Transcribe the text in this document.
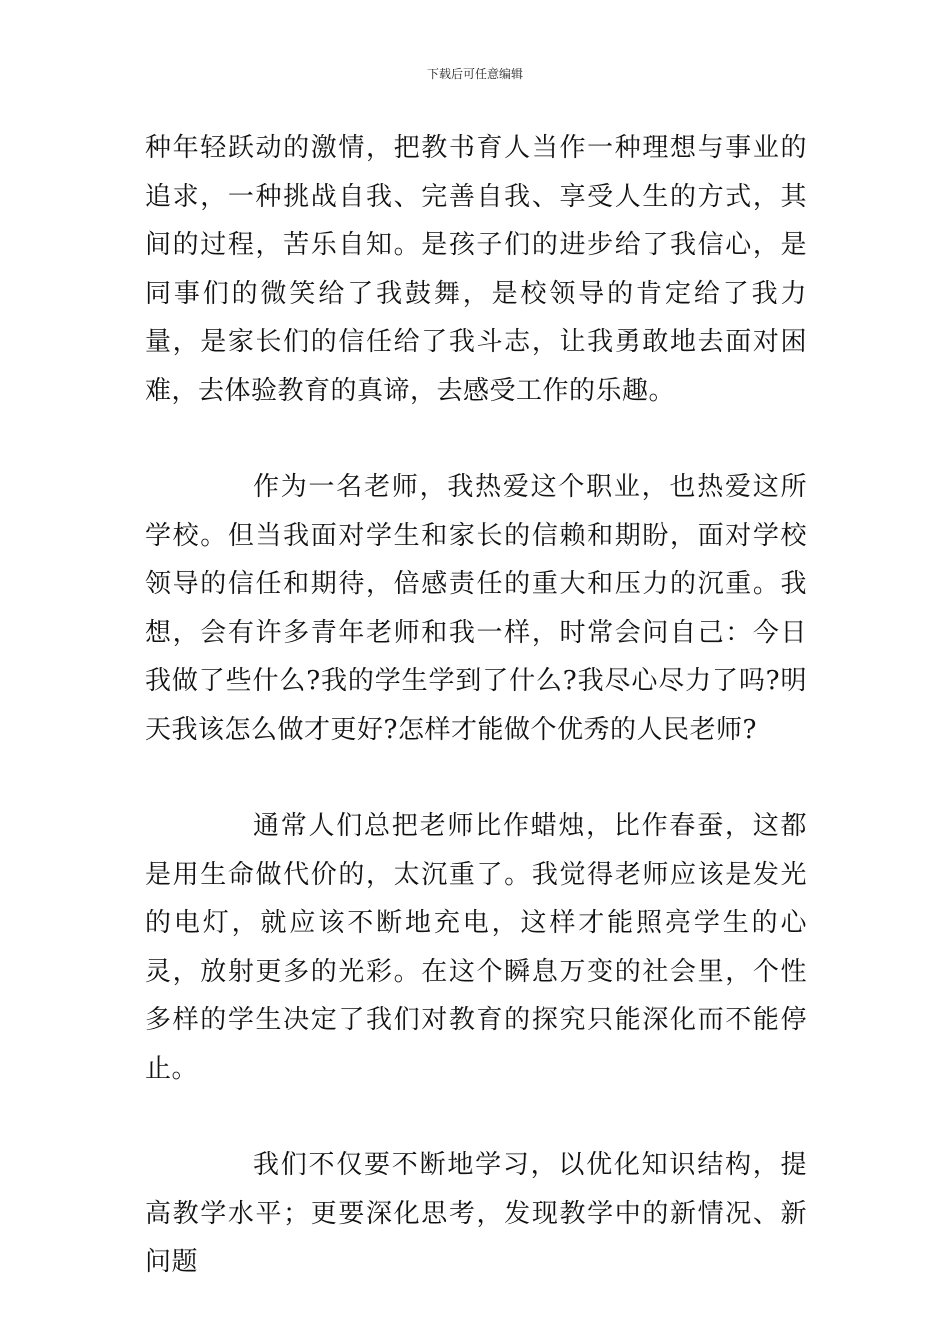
下载后可任意编辑

种年轻跃动的激情，把教书育人当作一种理想与事业的追求，一种挑战自我、完善自我、享受人生的方式，其间的过程，苦乐自知。是孩子们的进步给了我信心，是同事们的微笑给了我鼓舞，是校领导的肯定给了我力量，是家长们的信任给了我斗志，让我勇敢地去面对困难，去体验教育的真谛，去感受工作的乐趣。

作为一名老师，我热爱这个职业，也热爱这所学校。但当我面对学生和家长的信赖和期盼，面对学校领导的信任和期待，倍感责任的重大和压力的沉重。我想，会有许多青年老师和我一样，时常会问自己：今日我做了些什么?我的学生学到了什么?我尽心尽力了吗?明天我该怎么做才更好?怎样才能做个优秀的人民老师?

通常人们总把老师比作蜡烛，比作春蚕，这都是用生命做代价的，太沉重了。我觉得老师应该是发光的电灯，就应该不断地充电，这样才能照亮学生的心灵，放射更多的光彩。在这个瞬息万变的社会里，个性多样的学生决定了我们对教育的探究只能深化而不能停止。

我们不仅要不断地学习，以优化知识结构，提高教学水平；更要深化思考，发现教学中的新情况、新问题
